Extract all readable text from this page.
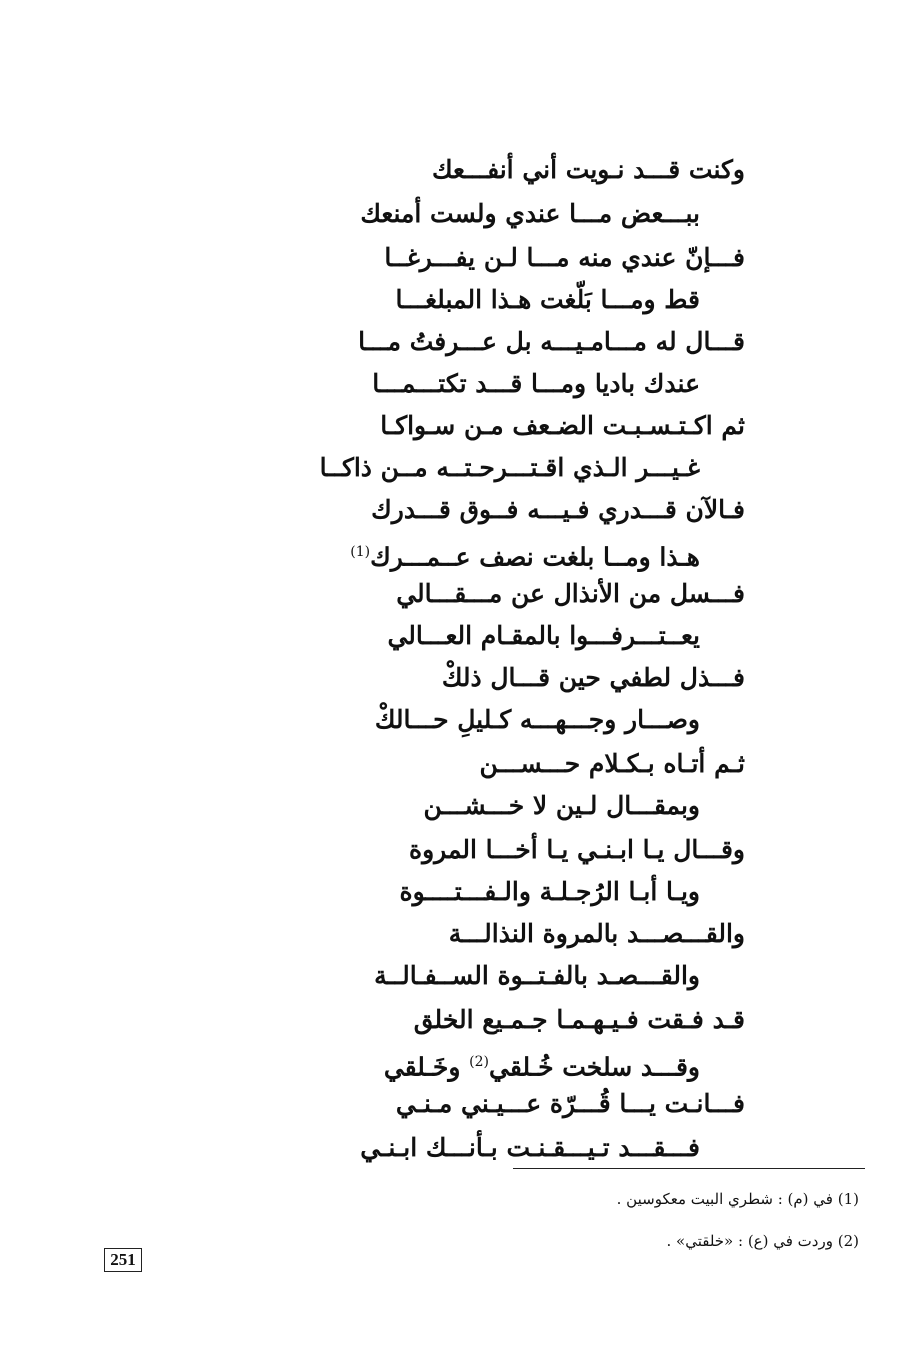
وكنت قـــد نـويت أني أنفـــعك
ببـــعض مـــا عندي ولست أمنعك
فـــإنّ عندي منه مـــا لـن يفـــرغــا
قط ومـــا بَلّغت هـذا المبلغـــا
قـــال له مـــامـيـــه بل عـــرفتُ مـــا
عندك باديا ومـــا قـــد تكتـــمـــا
ثم اكـتـسـبـت الضـعف مـن سـواكـا
غـيـــر الـذي اقـتـــرحـتــه مــن ذاكــا
فـالآن قـــدري فـيـــه فــوق قـــدرك
هـذا ومــا بلغت نصف عــمـــرك$^{(1)}$
فـــسل من الأنذال عن مـــقـــالي
يعــتـــرفـــوا بالمقـام العـــالي
فـــذل لطفي حين قـــال ذلكْ
وصـــار وجـــهـــه كـليلِ حـــالكْ
ثـم أتـاه بـكـلام حـــســـن
وبمقـــال لـين لا خـــشـــن
وقـــال يـا ابـنـي يـا أخـــا المروة
ويـا أبـا الرُجـلـة والـفـــتــــوة
والقـــصـــد بالمروة النذالـــة
والقـــصـد بالفـتــوة الســفـالــة
قـد فـقت فـيـهـمـا جـمـيع الخلق
وقـــد سلخت خُـلقي$^{(2)}$ وخَـلقي
فـــانـت يـــا قُـــرّة عـــيـني مـنـي
فـــقـــد تـيـــقـنـت بـأنـــك ابـنـي
(1) في (م) : شطري البيت معكوسين .
(2) وردت في (ع) : «خلقتي» .
251
